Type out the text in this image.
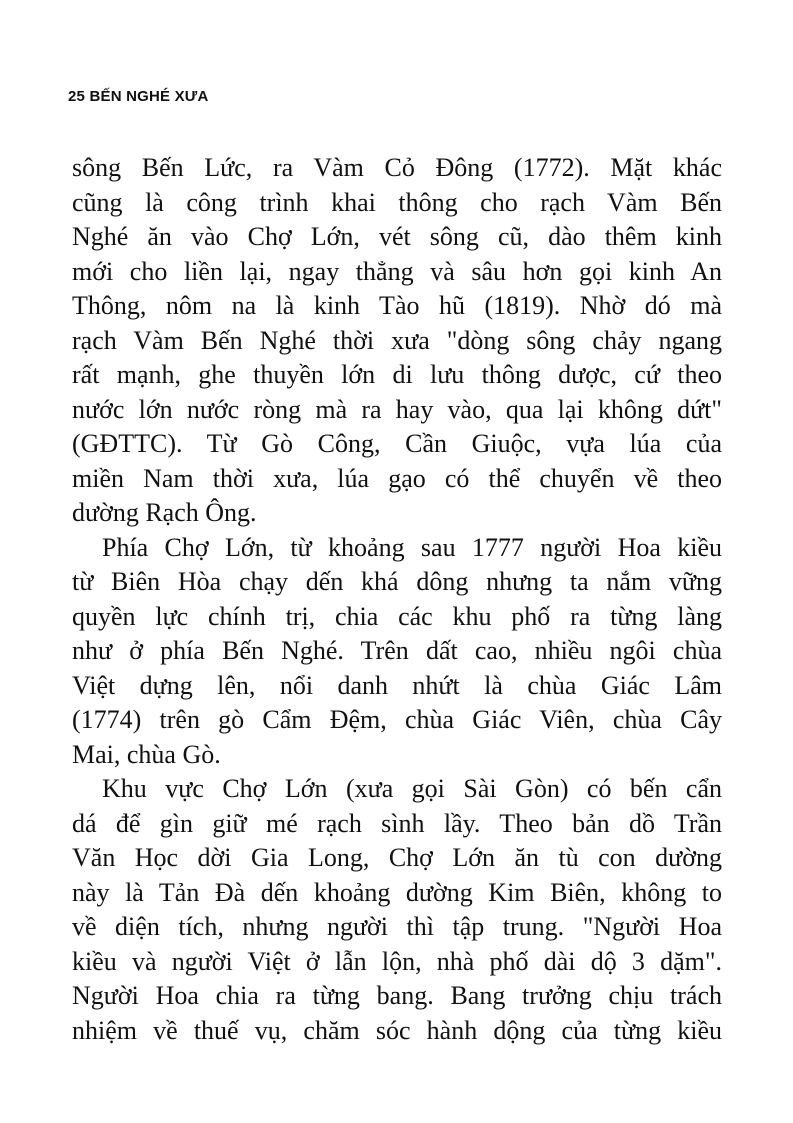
25 BẾN NGHÉ XƯA
sông Bến Lức, ra Vàm Cỏ Đông (1772). Mặt khác
cũng là công trình khai thông cho rạch Vàm Bến
Nghé ăn vào Chợ Lớn, vét sông cũ, dào thêm kinh
mới cho liền lại, ngay thẳng và sâu hơn gọi kinh An
Thông, nôm na là kinh Tào hũ (1819). Nhờ dó mà
rạch Vàm Bến Nghé thời xưa "dòng sông chảy ngang
rất mạnh, ghe thuyền lớn di lưu thông dược, cứ theo
nước lớn nước ròng mà ra hay vào, qua lại không dứt"
(GĐTTC). Từ Gò Công, Cần Giuộc, vựa lúa của
miền Nam thời xưa, lúa gạo có thể chuyển về theo
dường Rạch Ông.
Phía Chợ Lớn, từ khoảng sau 1777 người Hoa kiều
từ Biên Hòa chạy dến khá dông nhưng ta nắm vững
quyền lực chính trị, chia các khu phố ra từng làng
như ở phía Bến Nghé. Trên dất cao, nhiều ngôi chùa
Việt dựng lên, nổi danh nhứt là chùa Giác Lâm
(1774) trên gò Cẩm Đệm, chùa Giác Viên, chùa Cây
Mai, chùa Gò.
Khu vực Chợ Lớn (xưa gọi Sài Gòn) có bến cẩn
dá để gìn giữ mé rạch sình lầy. Theo bản dồ Trần
Văn Học dời Gia Long, Chợ Lớn ăn tù con dường
này là Tản Đà dến khoảng dường Kim Biên, không to
về diện tích, nhưng người thì tập trung. "Người Hoa
kiều và người Việt ở lẫn lộn, nhà phố dài dộ 3 dặm".
Người Hoa chia ra từng bang. Bang trưởng chịu trách
nhiệm về thuế vụ, chăm sóc hành dộng của từng kiều
